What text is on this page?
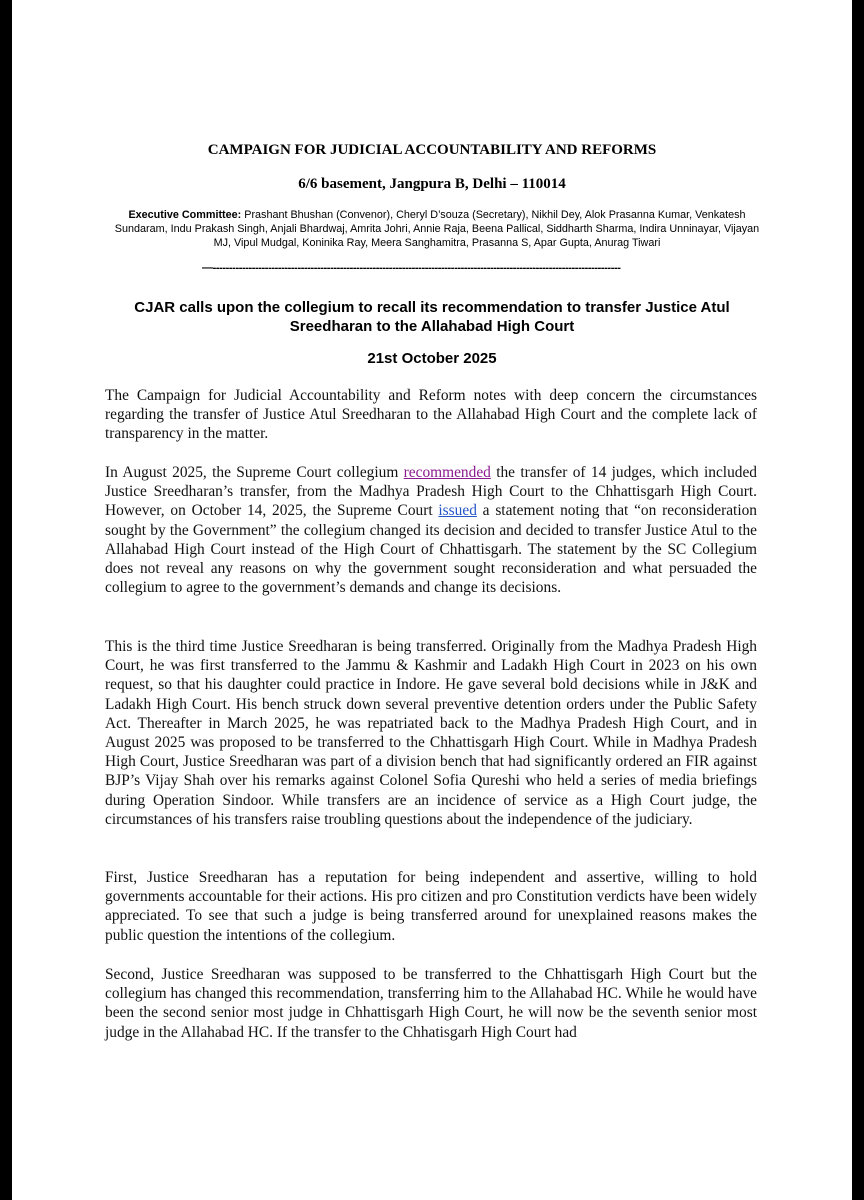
CAMPAIGN FOR JUDICIAL ACCOUNTABILITY AND REFORMS
6/6 basement, Jangpura B, Delhi – 110014
Executive Committee: Prashant Bhushan (Convenor), Cheryl D’souza (Secretary), Nikhil Dey, Alok Prasanna Kumar, Venkatesh Sundaram, Indu Prakash Singh, Anjali Bhardwaj, Amrita Johri, Annie Raja, Beena Pallical, Siddharth Sharma, Indira Unninayar, Vijayan MJ, Vipul Mudgal, Koninika Ray, Meera Sanghamitra, Prasanna S, Apar Gupta, Anurag Tiwari
—-----------------------------------------------------------------------------------------------------------------------------
CJAR calls upon the collegium to recall its recommendation to transfer Justice Atul Sreedharan to the Allahabad High Court
21st October 2025
The Campaign for Judicial Accountability and Reform notes with deep concern the circumstances regarding the transfer of Justice Atul Sreedharan to the Allahabad High Court and the complete lack of transparency in the matter.
In August 2025, the Supreme Court collegium recommended the transfer of 14 judges, which included Justice Sreedharan’s transfer, from the Madhya Pradesh High Court to the Chhattisgarh High Court. However, on October 14, 2025, the Supreme Court issued a statement noting that “on reconsideration sought by the Government” the collegium changed its decision and decided to transfer Justice Atul to the Allahabad High Court instead of the High Court of Chhattisgarh. The statement by the SC Collegium does not reveal any reasons on why the government sought reconsideration and what persuaded the collegium to agree to the government’s demands and change its decisions.
This is the third time Justice Sreedharan is being transferred. Originally from the Madhya Pradesh High Court, he was first transferred to the Jammu & Kashmir and Ladakh High Court in 2023 on his own request, so that his daughter could practice in Indore. He gave several bold decisions while in J&K and Ladakh High Court. His bench struck down several preventive detention orders under the Public Safety Act. Thereafter in March 2025, he was repatriated back to the Madhya Pradesh High Court, and in August 2025 was proposed to be transferred to the Chhattisgarh High Court. While in Madhya Pradesh High Court, Justice Sreedharan was part of a division bench that had significantly ordered an FIR against BJP’s Vijay Shah over his remarks against Colonel Sofia Qureshi who held a series of media briefings during Operation Sindoor. While transfers are an incidence of service as a High Court judge, the circumstances of his transfers raise troubling questions about the independence of the judiciary.
First, Justice Sreedharan has a reputation for being independent and assertive, willing to hold governments accountable for their actions. His pro citizen and pro Constitution verdicts have been widely appreciated. To see that such a judge is being transferred around for unexplained reasons makes the public question the intentions of the collegium.
Second, Justice Sreedharan was supposed to be transferred to the Chhattisgarh High Court but the collegium has changed this recommendation, transferring him to the Allahabad HC. While he would have been the second senior most judge in Chhattisgarh High Court, he will now be the seventh senior most judge in the Allahabad HC. If the transfer to the Chhatisgarh High Court had
